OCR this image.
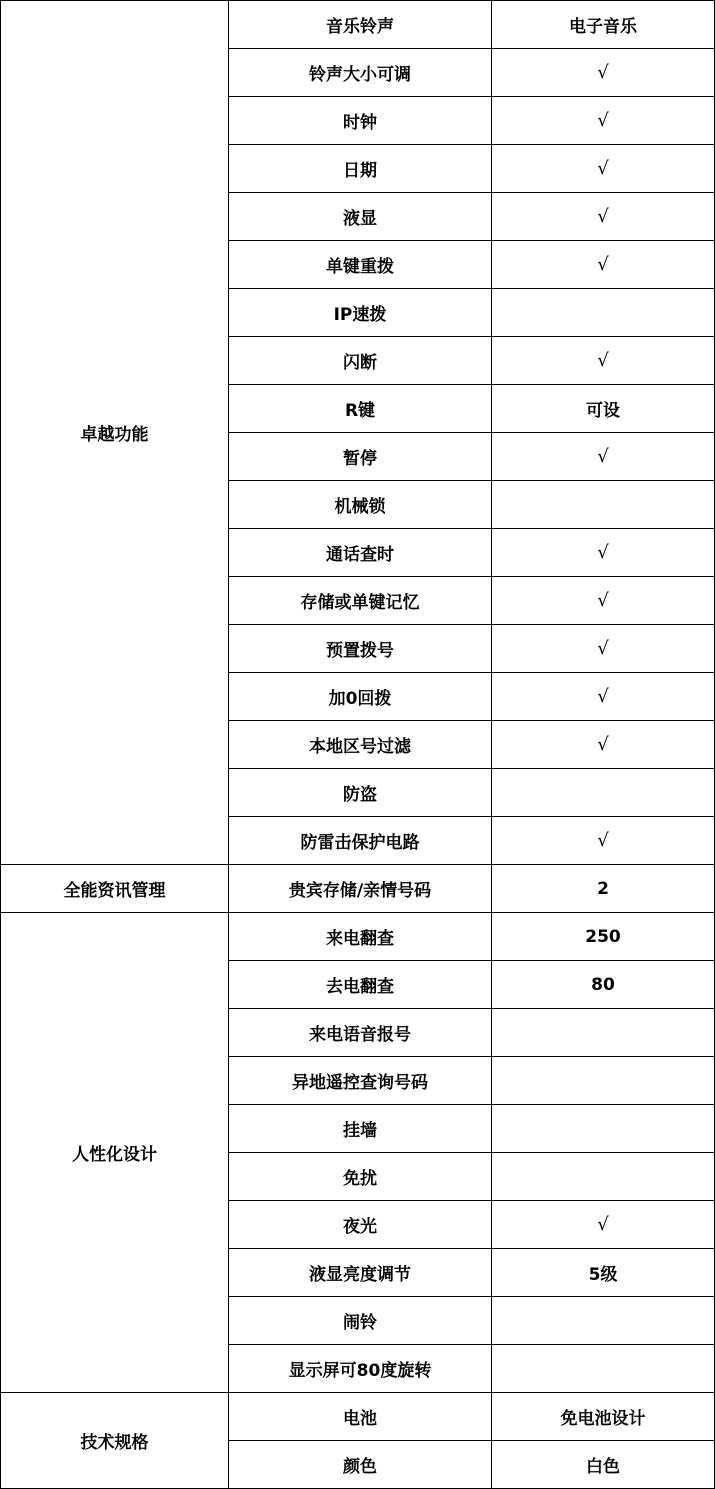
卓越功能	音乐铃声	电子音乐
	铃声大小可调	√
	时钟	√
	日期	√
	液显	√
	单键重拨	√
	IP速拨	
	闪断	√
	R键	可设
	暂停	√
	机械锁	
	通话查时	√
	存储或单键记忆	√
	预置拨号	√
	加0回拨	√
	本地区号过滤	√
	防盗	
	防雷击保护电路	√
全能资讯管理	贵宾存储/亲情号码	2
人性化设计	来电翻查	250
	去电翻查	80
	来电语音报号	
	异地遥控查询号码	
	挂墙	
	免扰	
	夜光	√
	液显亮度调节	5级
	闹铃	
	显示屏可80度旋转	
技术规格	电池	免电池设计
	颜色	白色
